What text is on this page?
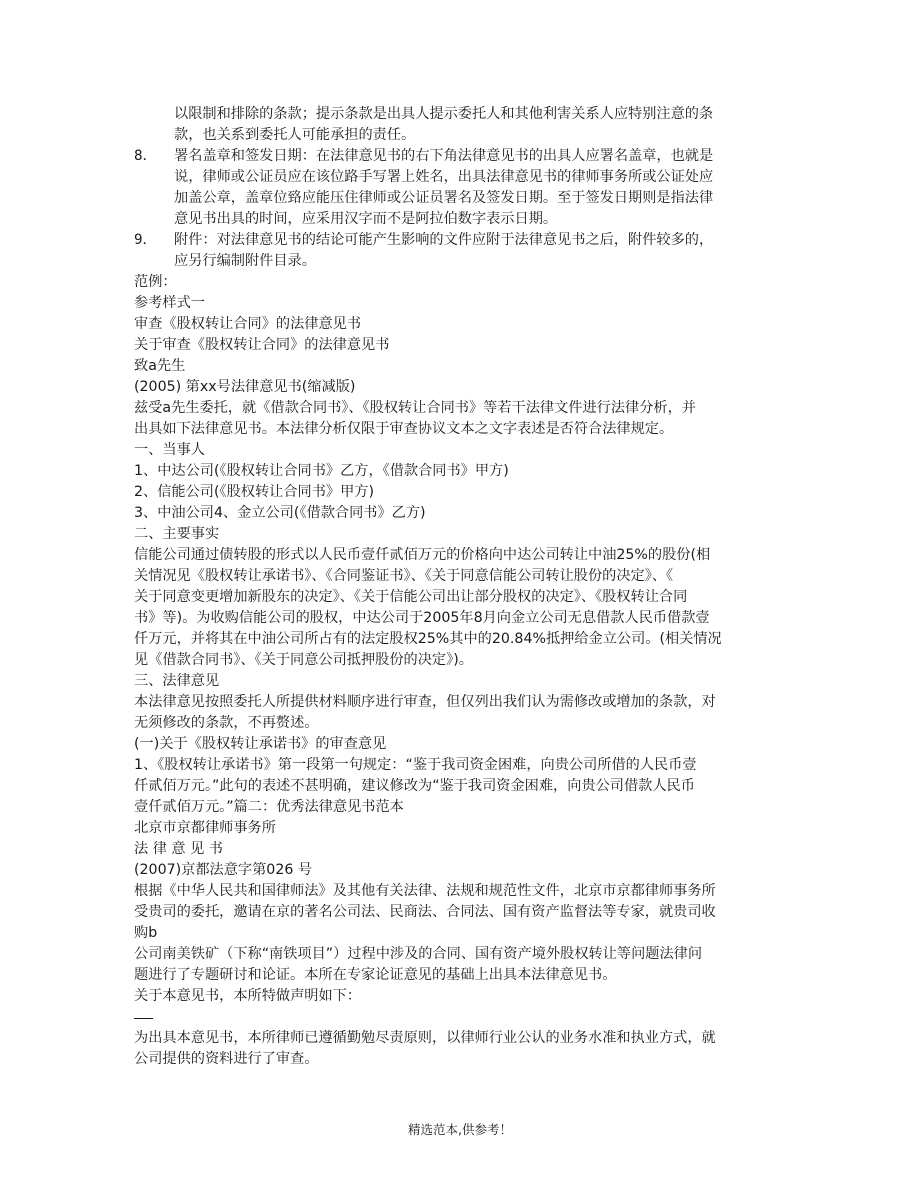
以限制和排除的条款；提示条款是出具人提示委托人和其他利害关系人应特别注意的条
款，也关系到委托人可能承担的责任。
8．	署名盖章和签发日期：在法律意见书的右下角法律意见书的出具人应署名盖章，也就是
说，律师或公证员应在该位路手写署上姓名，出具法律意见书的律师事务所或公证处应
加盖公章，盖章位臵应能压住律师或公证员署名及签发日期。至于签发日期则是指法律
意见书出具的时间，应采用汉字而不是阿拉伯数字表示日期。
9．	附件：对法律意见书的结论可能产生影响的文件应附于法律意见书之后，附件较多的，
应另行编制附件目录。
范例：
参考样式一
审查《股权转让合同》的法律意见书
关于审查《股权转让合同》的法律意见书
致a先生
(2005) 第xx号法律意见书(缩减版)
兹受a先生委托，就《借款合同书》、《股权转让合同书》等若干法律文件进行法律分析，并
出具如下法律意见书。本法律分析仅限于审查协议文本之文字表述是否符合法律规定。
一、当事人
1、中达公司(《股权转让合同书》乙方，《借款合同书》甲方)
2、信能公司(《股权转让合同书》甲方)
3、中油公司4、金立公司(《借款合同书》乙方)
二、主要事实
信能公司通过债转股的形式以人民币壹仟贰佰万元的价格向中达公司转让中油25%的股份(相
关情况见《股权转让承诺书》、《合同鉴证书》、《关于同意信能公司转让股份的决定》、《
关于同意变更增加新股东的决定》、《关于信能公司出让部分股权的决定》、《股权转让合同
书》等)。为收购信能公司的股权，中达公司于2005年8月向金立公司无息借款人民币借款壹
仟万元，并将其在中油公司所占有的法定股权25%其中的20.84%抵押给金立公司。(相关情况
见《借款合同书》、《关于同意公司抵押股份的决定》)。
三、法律意见
本法律意见按照委托人所提供材料顺序进行审查，但仅列出我们认为需修改或增加的条款，对
无须修改的条款，不再赘述。
(一)关于《股权转让承诺书》的审查意见
1、《股权转让承诺书》第一段第一句规定：“鉴于我司资金困难，向贵公司所借的人民币壹
仟贰佰万元。”此句的表述不甚明确，建议修改为“鉴于我司资金困难，向贵公司借款人民币
壹仟贰佰万元。”篇二：优秀法律意见书范本
北京市京都律师事务所
法 律 意 见 书
(2007)京都法意字第026 号
根据《中华人民共和国律师法》及其他有关法律、法规和规范性文件，北京市京都律师事务所
受贵司的委托，邀请在京的著名公司法、民商法、合同法、国有资产监督法等专家，就贵司收
购b
公司南美铁矿（下称“南铁项目”）过程中涉及的合同、国有资产境外股权转让等问题法律问
题进行了专题研讨和论证。本所在专家论证意见的基础上出具本法律意见书。
关于本意见书，本所特做声明如下：
为出具本意见书，本所律师已遵循勤勉尽责原则，以律师行业公认的业务水准和执业方式，就
公司提供的资料进行了审查。
精选范本,供参考！
